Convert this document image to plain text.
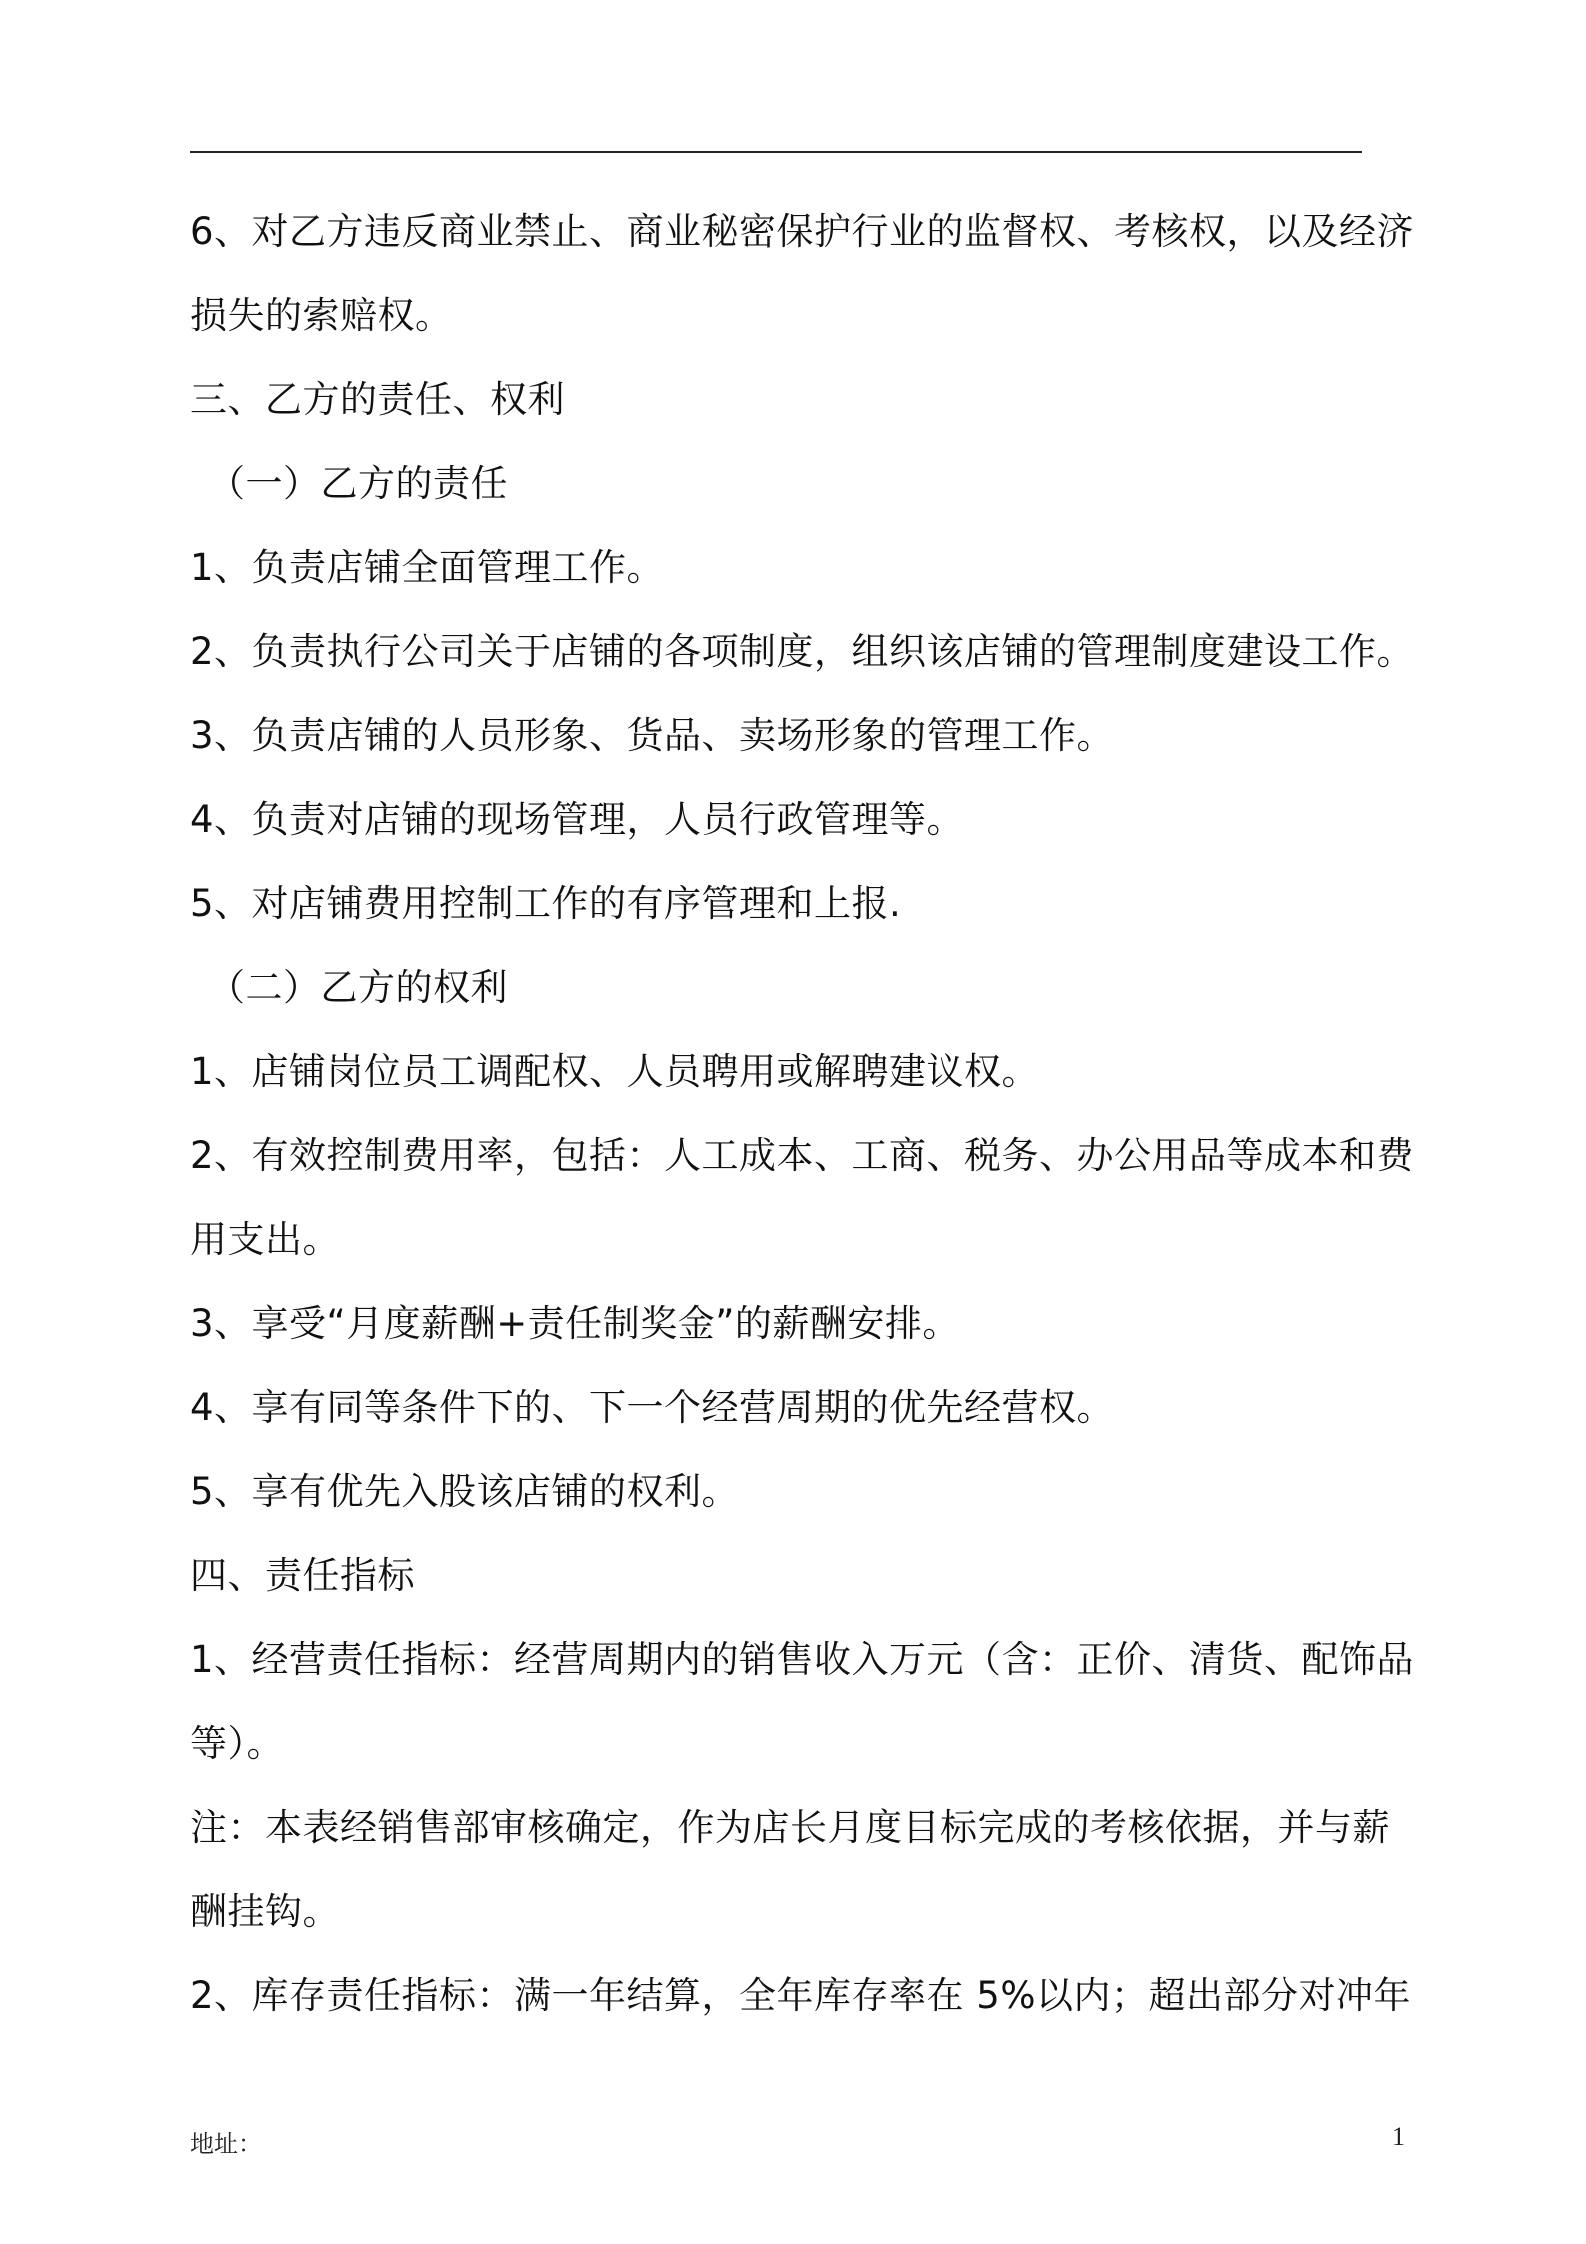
6、对乙方违反商业禁止、商业秘密保护行业的监督权、考核权，以及经济
损失的索赔权。
三、乙方的责任、权利
（一）乙方的责任
1、负责店铺全面管理工作。
2、负责执行公司关于店铺的各项制度，组织该店铺的管理制度建设工作。
3、负责店铺的人员形象、货品、卖场形象的管理工作。
4、负责对店铺的现场管理，人员行政管理等。
5、对店铺费用控制工作的有序管理和上报.
（二）乙方的权利
1、店铺岗位员工调配权、人员聘用或解聘建议权。
2、有效控制费用率，包括：人工成本、工商、税务、办公用品等成本和费
用支出。
3、享受“月度薪酬+责任制奖金”的薪酬安排。
4、享有同等条件下的、下一个经营周期的优先经营权。
5、享有优先入股该店铺的权利。
四、责任指标
1、经营责任指标：经营周期内的销售收入万元（含：正价、清货、配饰品
等）。
注：本表经销售部审核确定，作为店长月度目标完成的考核依据，并与薪
酬挂钩。
2、库存责任指标：满一年结算，全年库存率在 5%以内；超出部分对冲年
地址：	1
